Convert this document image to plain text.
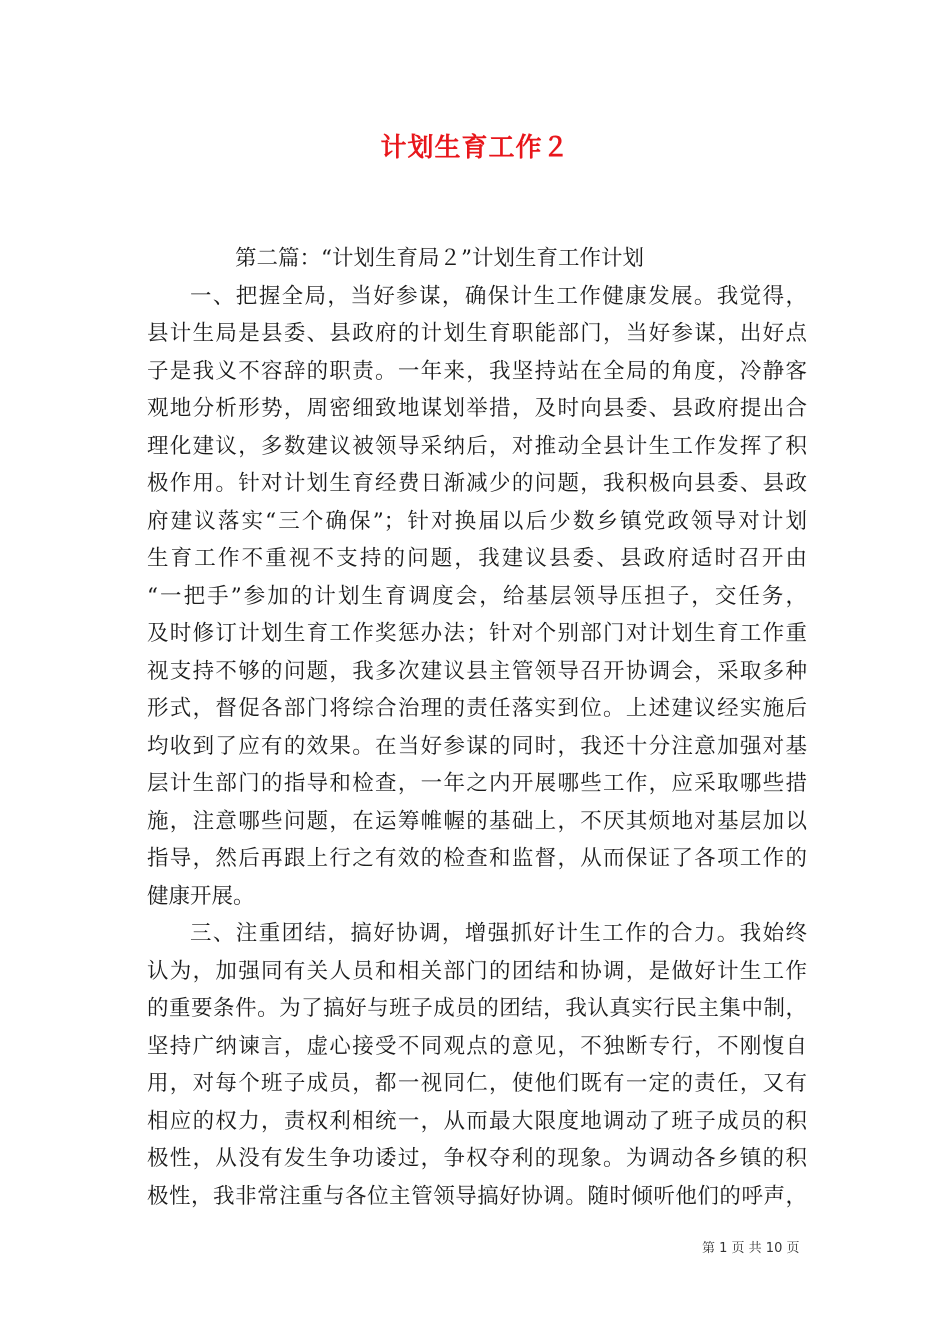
计划生育工作２
第二篇：“计划生育局２”计划生育工作计划
一、把握全局，当好参谋，确保计生工作健康发展。我觉得，
县计生局是县委、县政府的计划生育职能部门，当好参谋，出好点
子是我义不容辞的职责。一年来，我坚持站在全局的角度，冷静客
观地分析形势，周密细致地谋划举措，及时向县委、县政府提出合
理化建议，多数建议被领导采纳后，对推动全县计生工作发挥了积
极作用。针对计划生育经费日渐减少的问题，我积极向县委、县政
府建议落实“三个确保”；针对换届以后少数乡镇党政领导对计划
生育工作不重视不支持的问题，我建议县委、县政府适时召开由
“一把手”参加的计划生育调度会，给基层领导压担子，交任务，
及时修订计划生育工作奖惩办法；针对个别部门对计划生育工作重
视支持不够的问题，我多次建议县主管领导召开协调会，采取多种
形式，督促各部门将综合治理的责任落实到位。上述建议经实施后
均收到了应有的效果。在当好参谋的同时，我还十分注意加强对基
层计生部门的指导和检查，一年之内开展哪些工作，应采取哪些措
施，注意哪些问题，在运筹帷幄的基础上，不厌其烦地对基层加以
指导，然后再跟上行之有效的检查和监督，从而保证了各项工作的
健康开展。
三、注重团结，搞好协调，增强抓好计生工作的合力。我始终
认为，加强同有关人员和相关部门的团结和协调，是做好计生工作
的重要条件。为了搞好与班子成员的团结，我认真实行民主集中制，
坚持广纳谏言，虚心接受不同观点的意见，不独断专行，不刚愎自
用，对每个班子成员，都一视同仁，使他们既有一定的责任，又有
相应的权力，责权利相统一，从而最大限度地调动了班子成员的积
极性，从没有发生争功诿过，争权夺利的现象。为调动各乡镇的积
极性，我非常注重与各位主管领导搞好协调。随时倾听他们的呼声，
第 1 页 共 10 页
